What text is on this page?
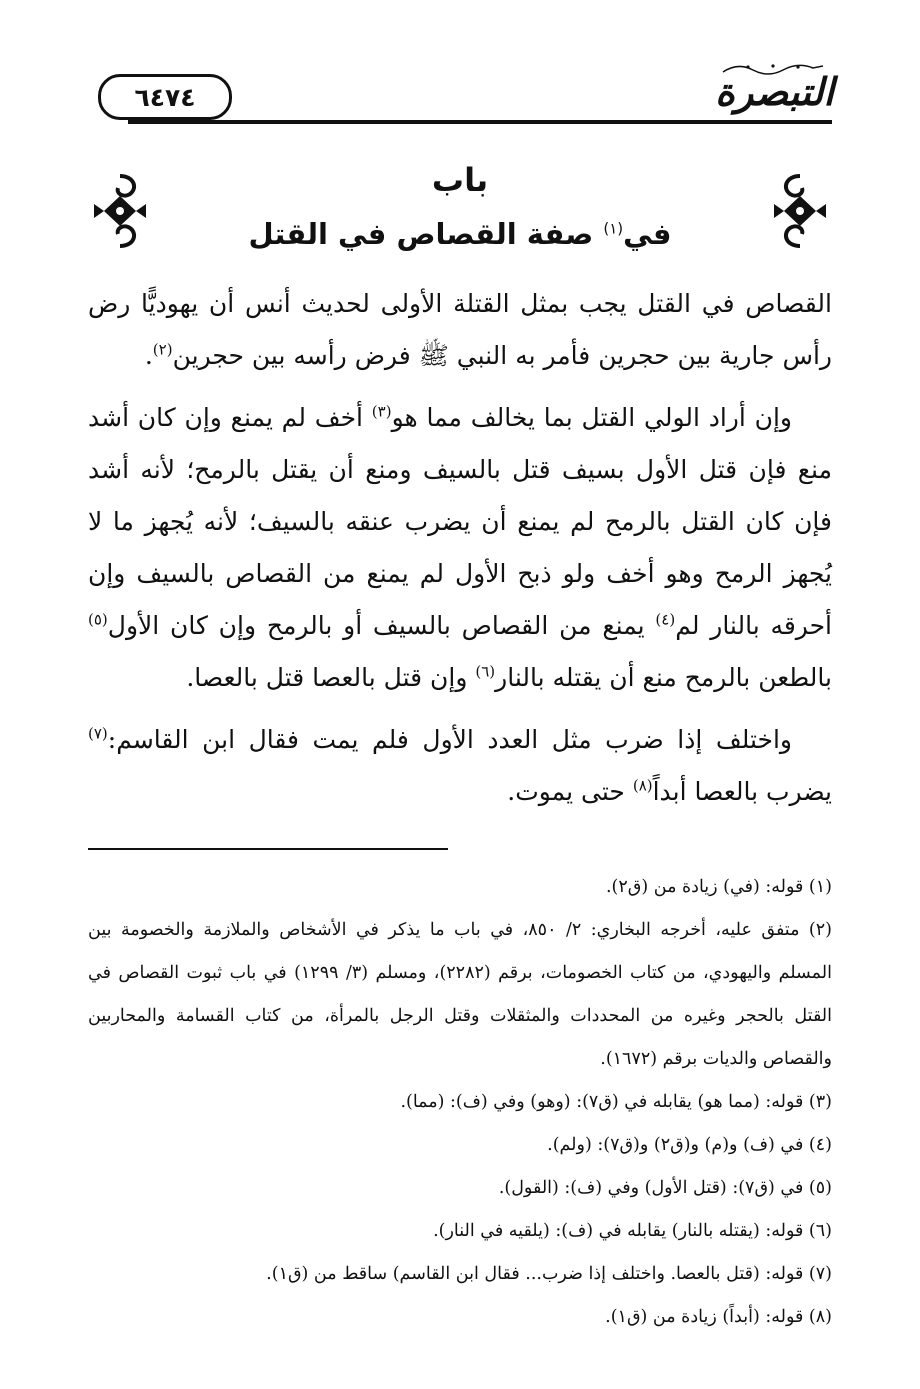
التبصرة
٦٤٧٤
باب
في$^{(١)}$ صفة القصاص في القتل

القصاص في القتل يجب بمثل القتلة الأولى لحديث أنس أن يهوديًّا رض رأس جارية بين حجرين فأمر به النبي ﷺ فرض رأسه بين حجرين$^{(٢)}$.

وإن أراد الولي القتل بما يخالف مما هو$^{(٣)}$ أخف لم يمنع وإن كان أشد منع فإن قتل الأول بسيف قتل بالسيف ومنع أن يقتل بالرمح؛ لأنه أشد فإن كان القتل بالرمح لم يمنع أن يضرب عنقه بالسيف؛ لأنه يُجهز ما لا يُجهز الرمح وهو أخف ولو ذبح الأول لم يمنع من القصاص بالسيف وإن أحرقه بالنار لم$^{(٤)}$ يمنع من القصاص بالسيف أو بالرمح وإن كان الأول$^{(٥)}$ بالطعن بالرمح منع أن يقتله بالنار$^{(٦)}$ وإن قتل بالعصا قتل بالعصا.

واختلف إذا ضرب مثل العدد الأول فلم يمت فقال ابن القاسم:$^{(٧)}$ يضرب بالعصا أبداً$^{(٨)}$ حتى يموت.

(١) قوله: (في) زيادة من (ق٢).

(٢) متفق عليه، أخرجه البخاري: ٢/ ٨٥٠، في باب ما يذكر في الأشخاص والملازمة والخصومة بين المسلم واليهودي، من كتاب الخصومات، برقم (٢٢٨٢)، ومسلم (٣/ ١٢٩٩) في باب ثبوت القصاص في القتل بالحجر وغيره من المحددات والمثقلات وقتل الرجل بالمرأة، من كتاب القسامة والمحاربين والقصاص والديات برقم (١٦٧٢).

(٣) قوله: (مما هو) يقابله في (ق٧): (وهو) وفي (ف): (مما).

(٤) في (ف) و(م) و(ق٢) و(ق٧): (ولم).

(٥) في (ق٧): (قتل الأول) وفي (ف): (القول).

(٦) قوله: (يقتله بالنار) يقابله في (ف): (يلقيه في النار).

(٧) قوله: (قتل بالعصا. واختلف إذا ضرب... فقال ابن القاسم) ساقط من (ق١).

(٨) قوله: (أبداً) زيادة من (ق١).
